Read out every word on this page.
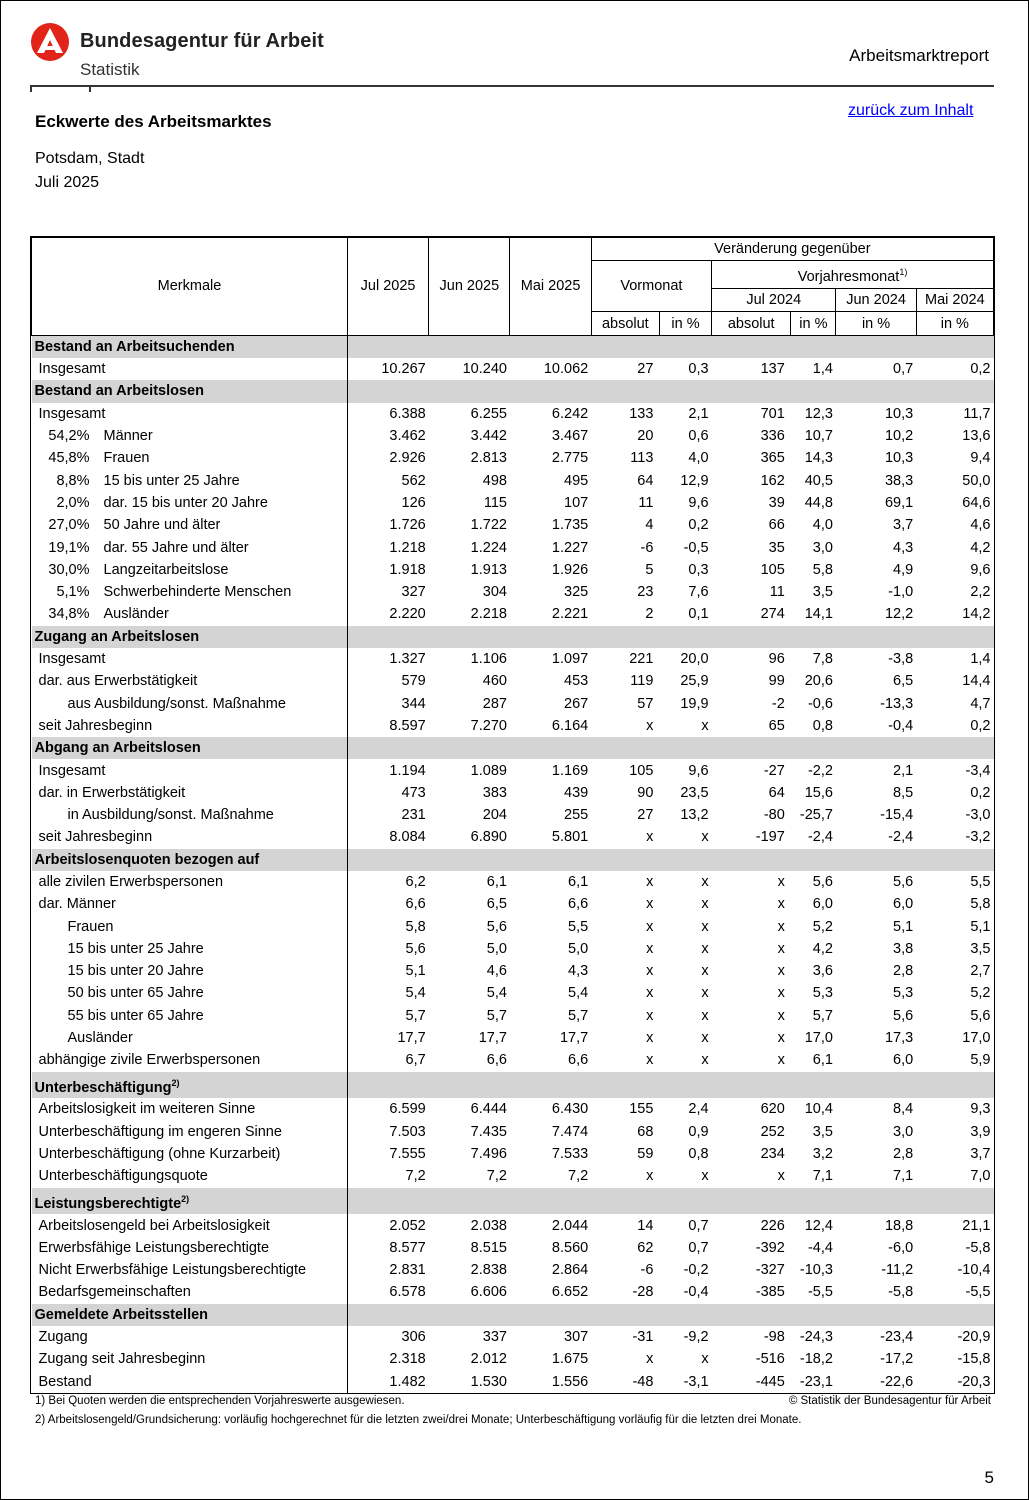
Bundesagentur für Arbeit
Statistik
Arbeitsmarktreport
zurück zum Inhalt
Eckwerte des Arbeitsmarktes
Potsdam, Stadt
Juli 2025
Merkmale	Jul 2025	Jun 2025	Mai 2025	Veränderung gegenüber					
				Vormonat		Vorjahresmonat$^{1)}$
						Jul 2024		Jun 2024	Mai 2024
				absolut	in %	absolut	in %	in %	in %
Bestand an Arbeitsuchenden									
Insgesamt	10.267	10.240	10.062	27	0,3	137	1,4	0,7	0,2
Bestand an Arbeitslosen									
Insgesamt	6.388	6.255	6.242	133	2,1	701	12,3	10,3	11,7
54,2% Männer	3.462	3.442	3.467	20	0,6	336	10,7	10,2	13,6
45,8% Frauen	2.926	2.813	2.775	113	4,0	365	14,3	10,3	9,4
8,8% 15 bis unter 25 Jahre	562	498	495	64	12,9	162	40,5	38,3	50,0
2,0% dar. 15 bis unter 20 Jahre	126	115	107	11	9,6	39	44,8	69,1	64,6
27,0% 50 Jahre und älter	1.726	1.722	1.735	4	0,2	66	4,0	3,7	4,6
19,1% dar. 55 Jahre und älter	1.218	1.224	1.227	-6	-0,5	35	3,0	4,3	4,2
30,0% Langzeitarbeitslose	1.918	1.913	1.926	5	0,3	105	5,8	4,9	9,6
5,1% Schwerbehinderte Menschen	327	304	325	23	7,6	11	3,5	-1,0	2,2
34,8% Ausländer	2.220	2.218	2.221	2	0,1	274	14,1	12,2	14,2
Zugang an Arbeitslosen									
Insgesamt	1.327	1.106	1.097	221	20,0	96	7,8	-3,8	1,4
dar. aus Erwerbstätigkeit	579	460	453	119	25,9	99	20,6	6,5	14,4
aus Ausbildung/sonst. Maßnahme	344	287	267	57	19,9	-2	-0,6	-13,3	4,7
seit Jahresbeginn	8.597	7.270	6.164	x	x	65	0,8	-0,4	0,2
Abgang an Arbeitslosen									
Insgesamt	1.194	1.089	1.169	105	9,6	-27	-2,2	2,1	-3,4
dar. in Erwerbstätigkeit	473	383	439	90	23,5	64	15,6	8,5	0,2
in Ausbildung/sonst. Maßnahme	231	204	255	27	13,2	-80	-25,7	-15,4	-3,0
seit Jahresbeginn	8.084	6.890	5.801	x	x	-197	-2,4	-2,4	-3,2
Arbeitslosenquoten bezogen auf									
alle zivilen Erwerbspersonen	6,2	6,1	6,1	x	x	x	5,6	5,6	5,5
dar. Männer	6,6	6,5	6,6	x	x	x	6,0	6,0	5,8
Frauen	5,8	5,6	5,5	x	x	x	5,2	5,1	5,1
15 bis unter 25 Jahre	5,6	5,0	5,0	x	x	x	4,2	3,8	3,5
15 bis unter 20 Jahre	5,1	4,6	4,3	x	x	x	3,6	2,8	2,7
50 bis unter 65 Jahre	5,4	5,4	5,4	x	x	x	5,3	5,3	5,2
55 bis unter 65 Jahre	5,7	5,7	5,7	x	x	x	5,7	5,6	5,6
Ausländer	17,7	17,7	17,7	x	x	x	17,0	17,3	17,0
abhängige zivile Erwerbspersonen	6,7	6,6	6,6	x	x	x	6,1	6,0	5,9
Unterbeschäftigung$^{2)}$									
Arbeitslosigkeit im weiteren Sinne	6.599	6.444	6.430	155	2,4	620	10,4	8,4	9,3
Unterbeschäftigung im engeren Sinne	7.503	7.435	7.474	68	0,9	252	3,5	3,0	3,9
Unterbeschäftigung (ohne Kurzarbeit)	7.555	7.496	7.533	59	0,8	234	3,2	2,8	3,7
Unterbeschäftigungsquote	7,2	7,2	7,2	x	x	x	7,1	7,1	7,0
Leistungsberechtigte$^{2)}$									
Arbeitslosengeld bei Arbeitslosigkeit	2.052	2.038	2.044	14	0,7	226	12,4	18,8	21,1
Erwerbsfähige Leistungsberechtigte	8.577	8.515	8.560	62	0,7	-392	-4,4	-6,0	-5,8
Nicht Erwerbsfähige Leistungsberechtigte	2.831	2.838	2.864	-6	-0,2	-327	-10,3	-11,2	-10,4
Bedarfsgemeinschaften	6.578	6.606	6.652	-28	-0,4	-385	-5,5	-5,8	-5,5
Gemeldete Arbeitsstellen									
Zugang	306	337	307	-31	-9,2	-98	-24,3	-23,4	-20,9
Zugang seit Jahresbeginn	2.318	2.012	1.675	x	x	-516	-18,2	-17,2	-15,8
Bestand	1.482	1.530	1.556	-48	-3,1	-445	-23,1	-22,6	-20,3
1) Bei Quoten werden die entsprechenden Vorjahreswerte ausgewiesen.
2) Arbeitslosengeld/Grundsicherung: vorläufig hochgerechnet für die letzten zwei/drei Monate; Unterbeschäftigung vorläufig für die letzten drei Monate.
© Statistik der Bundesagentur für Arbeit
5
